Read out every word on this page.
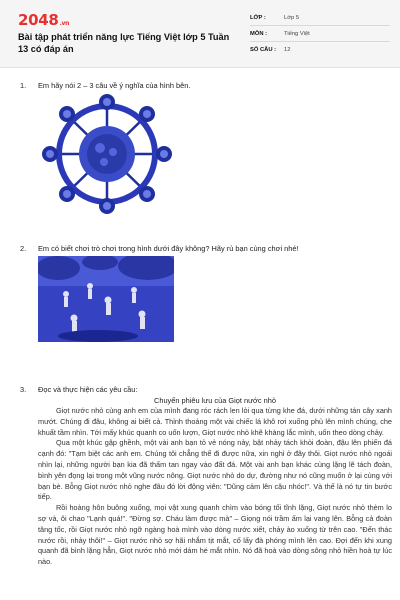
2048.vn
Bài tập phát triển năng lực Tiếng Việt lớp 5 Tuần 13 có đáp án
LỚP :	Lớp 5
MÔN :	Tiếng Việt
SỐ CÂU :	12
1. Em hãy nói 2 – 3 câu về ý nghĩa của hình bên.
2. Em có biết chơi trò chơi trong hình dưới đây không? Hãy rủ bạn cùng chơi nhé!
3. Đọc và thực hiện các yêu cầu:
Chuyến phiêu lưu của Giọt nước nhỏ

Giọt nước nhỏ cùng anh em của mình đang róc rách len lỏi qua từng khe đá, dưới những tán cây xanh mướt. Chúng đi đâu, không ai biết cả. Thỉnh thoảng một vài chiếc lá khô rơi xuống phủ lên mình chúng, che khuất tầm nhìn. Tới mấy khúc quanh co uốn lượn, Giọt nước nhỏ khẽ khàng lắc mình, uốn theo dòng chảy.

Qua một khúc gập ghềnh, một vài anh bạn tỏ vẻ nóng nảy, bật nhảy tách khỏi đoàn, đậu lên phiến đá cạnh đó: "Tạm biệt các anh em. Chúng tôi chẳng thể đi được nữa, xin nghỉ ở đây thôi. Giọt nước nhỏ ngoái nhìn lại, những người bạn kia đã thấm tan ngay vào đất đá. Một vài anh bạn khác cùng lặng lẽ tách đoàn, bình yên đọng lại trong một vũng nước nông. Giọt nước nhỏ do dự, đường như nó cũng muốn ở lại cùng với bạn bè. Bỗng Giọt nước nhỏ nghe đâu đó lời động viên: "Dũng cảm lên cậu nhóc!". Và thế là nó tự tin bước tiếp.

Rồi hoàng hôn buông xuống, mọi vật xung quanh chìm vào bóng tối tĩnh lặng, Giọt nước nhỏ thèm lo sợ và, ôi chao "Lạnh quá!". "Đừng sợ. Cháu làm được mà" – Giọng nói trầm ấm lại vang lên. Bỗng cả đoàn tăng tốc, rồi Giọt nước nhỏ ngỡ ngàng hoà mình vào dòng nước xiết, chảy ào xuống từ trên cao. "Đến thác nước rồi, nhảy thôi!" – Giọt nước nhỏ sợ hãi nhắm tịt mắt, cố lấy đà phóng mình lên cao. Đợi đến khi xung quanh đã bình lặng hẳn, Giọt nước nhỏ mới dám hé mắt nhìn. Nó đã hoà vào dòng sông nhỏ hiền hoà tự lúc nào.
